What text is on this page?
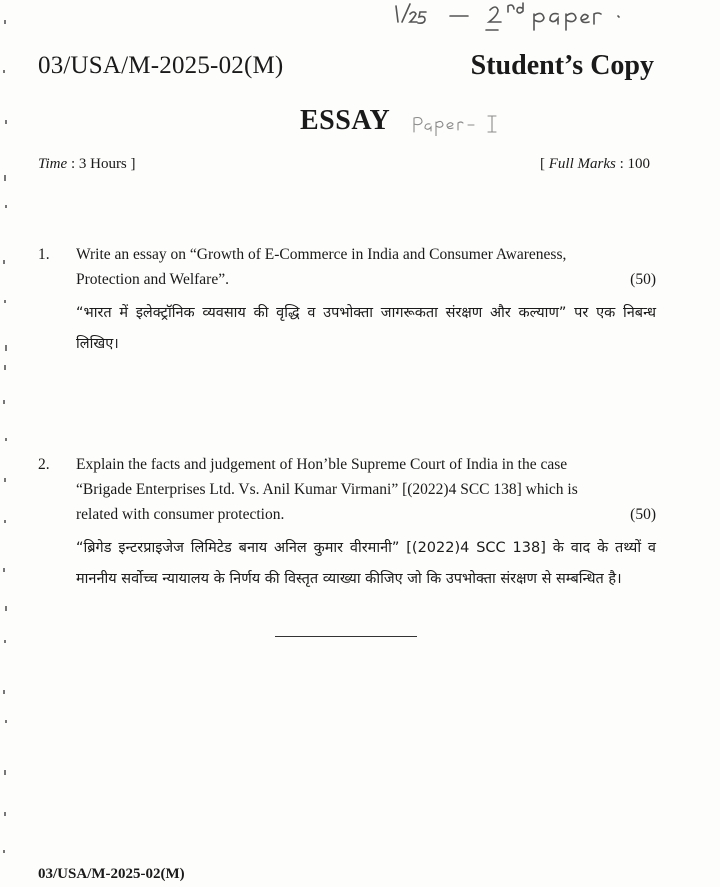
03/USA/M-2025-02(M)	Student’s Copy
ESSAY
Time : 3 Hours ]	[ Full Marks : 100
1. Write an essay on “Growth of E-Commerce in India and Consumer Awareness,
Protection and Welfare”.	(50)
“भारत में इलेक्ट्रॉनिक व्यवसाय की वृद्धि व उपभोक्ता जागरूकता संरक्षण और कल्याण” पर एक निबन्ध लिखिए।
2. Explain the facts and judgement of Hon’ble Supreme Court of India in the case
“Brigade Enterprises Ltd. Vs. Anil Kumar Virmani” [(2022)4 SCC 138] which is
related with consumer protection.	(50)
“ब्रिगेड इन्टरप्राइजेज लिमिटेड बनाय अनिल कुमार वीरमानी” [(2022)4 SCC 138] के वाद के तथ्यों व माननीय सर्वोच्च न्यायालय के निर्णय की विस्तृत व्याख्या कीजिए जो कि उपभोक्ता संरक्षण से सम्बन्धित है।
03/USA/M-2025-02(M)
